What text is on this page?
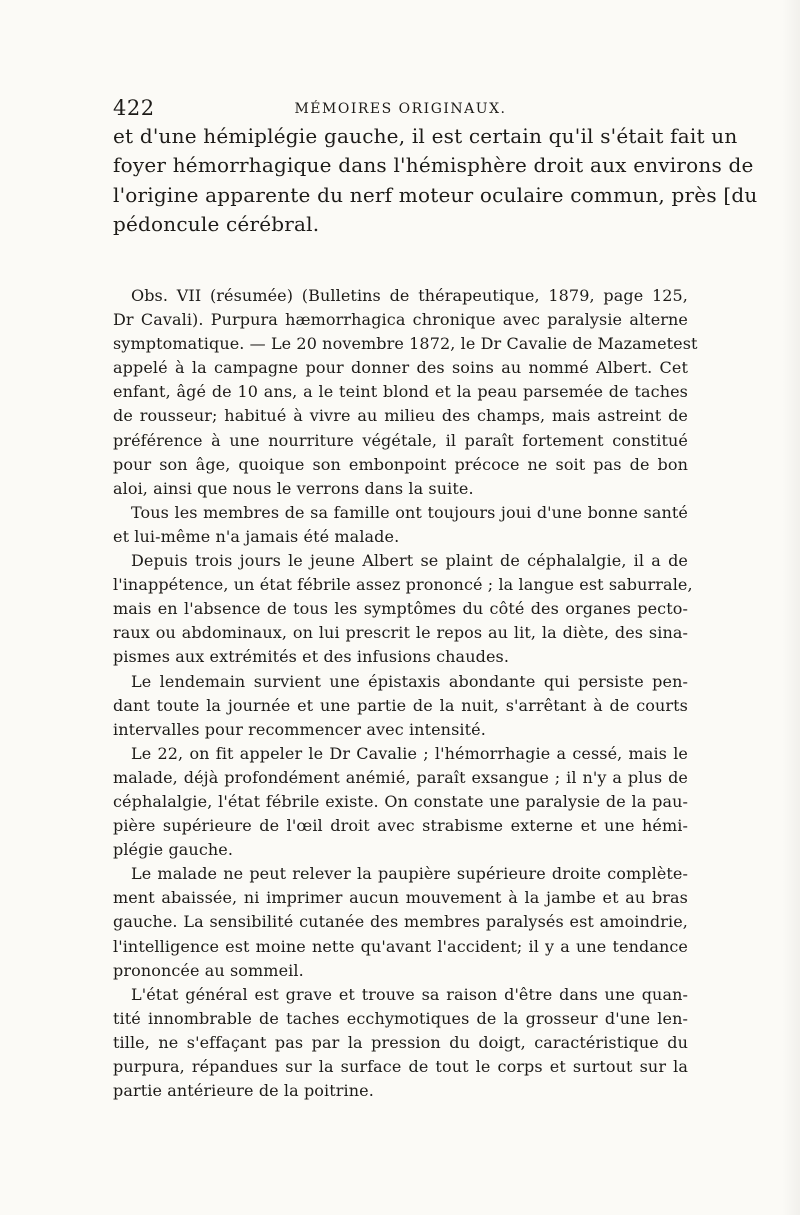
422	MÉMOIRES ORIGINAUX.
et d'une hémiplégie gauche, il est certain qu'il s'était fait un
foyer hémorrhagique dans l'hémisphère droit aux environs de
l'origine apparente du nerf moteur oculaire commun, près [du
pédoncule cérébral.
Obs. VII (résumée) (Bulletins de thérapeutique, 1879, page 125,
Dr Cavali). Purpura hæmorrhagica chronique avec paralysie alterne
symptomatique. — Le 20 novembre 1872, le Dr Cavalie de Mazametest
appelé à la campagne pour donner des soins au nommé Albert. Cet
enfant, âgé de 10 ans, a le teint blond et la peau parsemée de taches
de rousseur; habitué à vivre au milieu des champs, mais astreint de
préférence à une nourriture végétale, il paraît fortement constitué
pour son âge, quoique son embonpoint précoce ne soit pas de bon
aloi, ainsi que nous le verrons dans la suite.
Tous les membres de sa famille ont toujours joui d'une bonne santé
et lui-même n'a jamais été malade.
Depuis trois jours le jeune Albert se plaint de céphalalgie, il a de
l'inappétence, un état fébrile assez prononcé ; la langue est saburrale,
mais en l'absence de tous les symptômes du côté des organes pecto-
raux ou abdominaux, on lui prescrit le repos au lit, la diète, des sina-
pismes aux extrémités et des infusions chaudes.
Le lendemain survient une épistaxis abondante qui persiste pen-
dant toute la journée et une partie de la nuit, s'arrêtant à de courts
intervalles pour recommencer avec intensité.
Le 22, on fit appeler le Dr Cavalie ; l'hémorrhagie a cessé, mais le
malade, déjà profondément anémié, paraît exsangue ; il n'y a plus de
céphalalgie, l'état fébrile existe. On constate une paralysie de la pau-
pière supérieure de l'œil droit avec strabisme externe et une hémi-
plégie gauche.
Le malade ne peut relever la paupière supérieure droite complète-
ment abaissée, ni imprimer aucun mouvement à la jambe et au bras
gauche. La sensibilité cutanée des membres paralysés est amoindrie,
l'intelligence est moine nette qu'avant l'accident; il y a une tendance
prononcée au sommeil.
L'état général est grave et trouve sa raison d'être dans une quan-
tité innombrable de taches ecchymotiques de la grosseur d'une len-
tille, ne s'effaçant pas par la pression du doigt, caractéristique du
purpura, répandues sur la surface de tout le corps et surtout sur la
partie antérieure de la poitrine.
